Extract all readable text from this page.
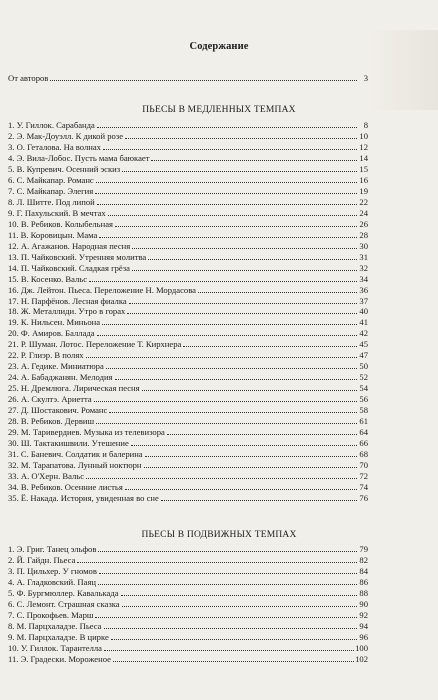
Содержание
От авторов	3
ПЬЕСЫ В МЕДЛЕННЫХ ТЕМПАХ
1. У. Гиллок. Сарабанда	8
2. Э. Мак-Доуэлл. К дикой розе	10
3. О. Геталова. На волнах	12
4. Э. Вила-Лобос. Пусть мама баюкает	14
5. В. Купревич. Осенний эскиз	15
6. С. Майкапар. Романс	16
7. С. Майкапар. Элегия	19
8. Л. Шитте. Под липой	22
9. Г. Пахульский. В мечтах	24
10. В. Ребиков. Колыбельная	26
11. В. Коровицын. Мама	28
12. А. Агажанов. Народная песня	30
13. П. Чайковский. Утренняя молитва	31
14. П. Чайковский. Сладкая грёза	32
15. В. Косенко. Вальс	34
16. Дж. Лейтон. Пьеса. Переложение Н. Мордасова	36
17. Н. Парфёнов. Лесная фиалка	37
18. Ж. Металлиди. Утро в горах	40
19. К. Нильсен. Миньона	41
20. Ф. Амиров. Баллада	42
21. Р. Шуман. Лотос. Переложение Т. Кирхнера	45
22. Р. Глиэр. В полях	47
23. А. Гедике. Миниатюра	50
24. А. Бабаджанян. Мелодия	52
25. Н. Дремлюга. Лирическая песня	54
26. А. Скултэ. Ариетта	56
27. Д. Шостакович. Романс	58
28. В. Ребиков. Дервиш	61
29. М. Таривердиев. Музыка из телевизора	64
30. Ш. Тактакишвили. Утешение	66
31. С. Баневич. Солдатик и балерина	68
32. М. Тарапатова. Лунный ноктюрн	70
33. А. О'Херн. Вальс	72
34. В. Ребиков. Осенние листья	74
35. Ё. Накада. История, увиденная во сне	76
ПЬЕСЫ В ПОДВИЖНЫХ ТЕМПАХ
1. Э. Григ. Танец эльфов	79
2. Й. Гайдн. Пьеса	82
3. П. Цильхер. У гномов	84
4. А. Гладковский. Паяц	86
5. Ф. Бургмюллер. Кавалькада	88
6. С. Лемонт. Страшная сказка	90
7. С. Прокофьев. Марш	92
8. М. Парцхаладзе. Пьеса	94
9. М. Парцхаладзе. В цирке	96
10. У. Гиллок. Тарантелла	100
11. Э. Градески. Мороженое	102
